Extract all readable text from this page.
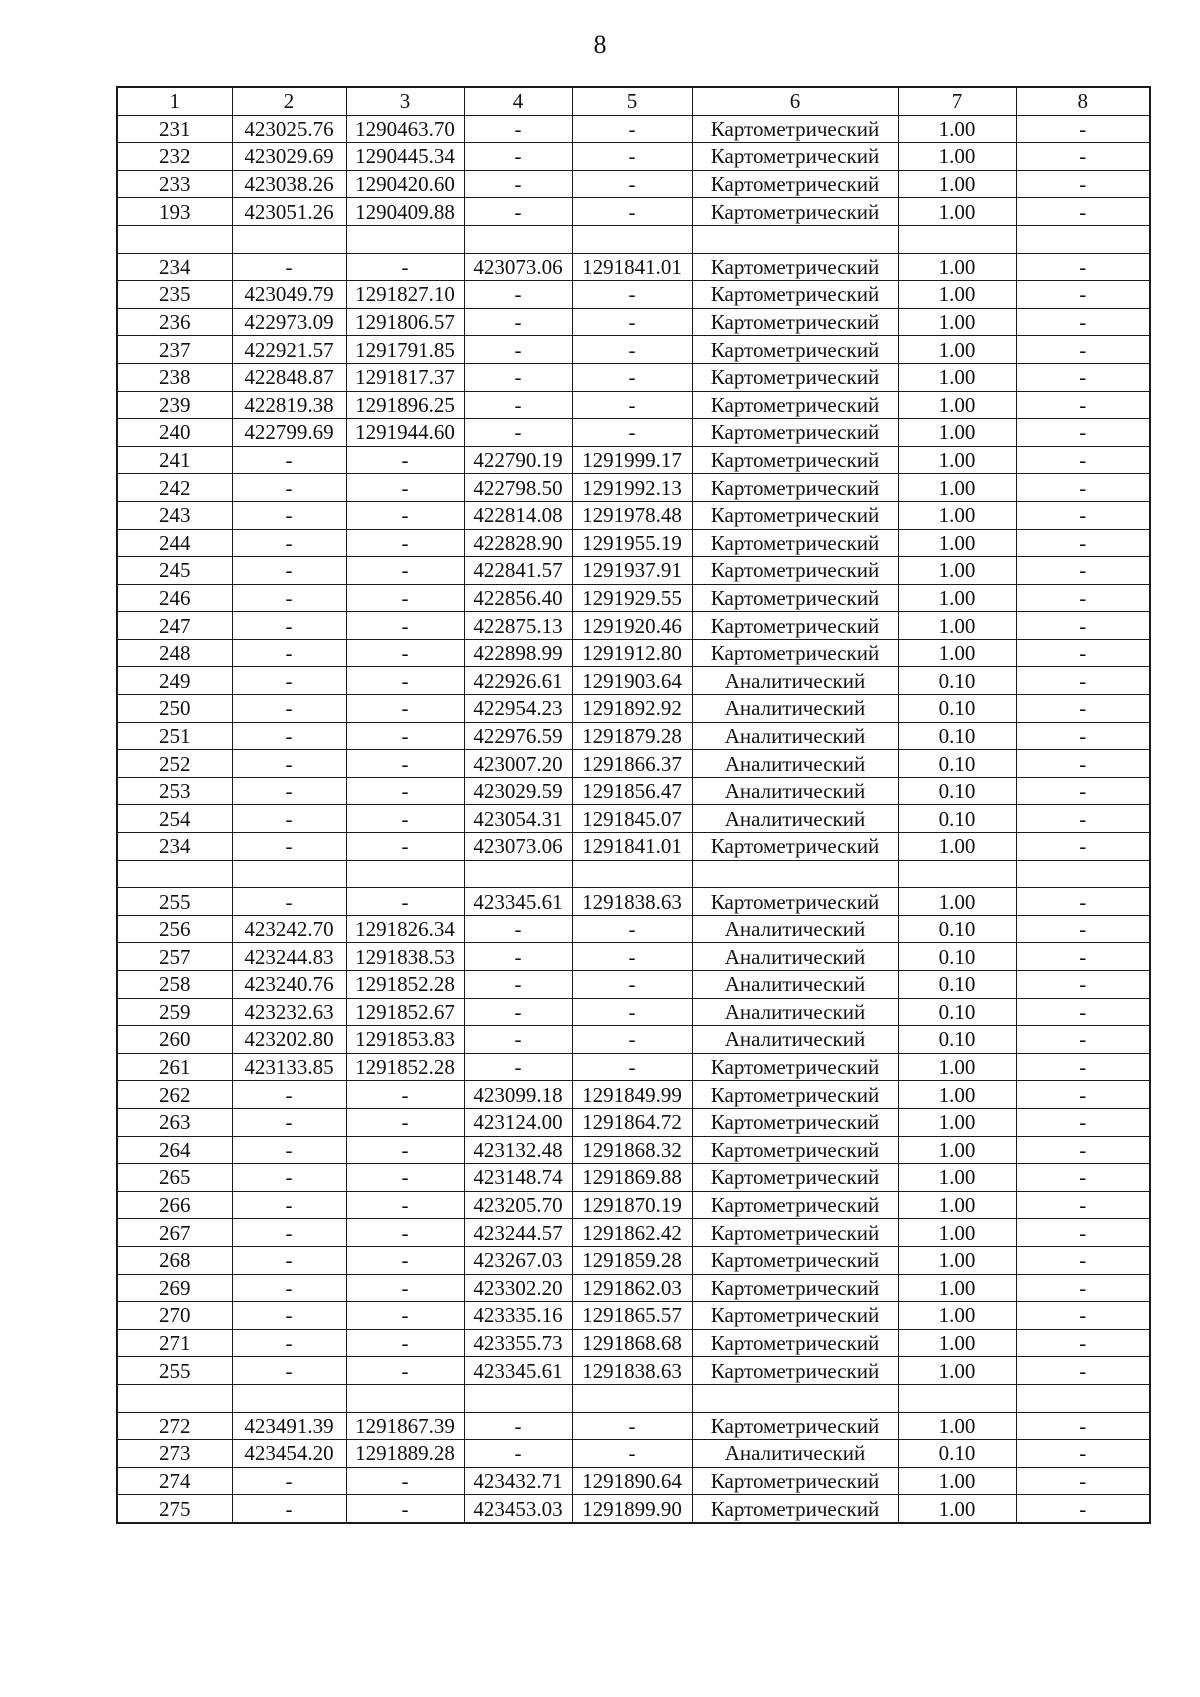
8
1	2	3	4	5	6	7	8
231	423025.76	1290463.70	-	-	Картометрический	1.00	-
232	423029.69	1290445.34	-	-	Картометрический	1.00	-
233	423038.26	1290420.60	-	-	Картометрический	1.00	-
193	423051.26	1290409.88	-	-	Картометрический	1.00	-

234	-	-	423073.06	1291841.01	Картометрический	1.00	-
235	423049.79	1291827.10	-	-	Картометрический	1.00	-
236	422973.09	1291806.57	-	-	Картометрический	1.00	-
237	422921.57	1291791.85	-	-	Картометрический	1.00	-
238	422848.87	1291817.37	-	-	Картометрический	1.00	-
239	422819.38	1291896.25	-	-	Картометрический	1.00	-
240	422799.69	1291944.60	-	-	Картометрический	1.00	-
241	-	-	422790.19	1291999.17	Картометрический	1.00	-
242	-	-	422798.50	1291992.13	Картометрический	1.00	-
243	-	-	422814.08	1291978.48	Картометрический	1.00	-
244	-	-	422828.90	1291955.19	Картометрический	1.00	-
245	-	-	422841.57	1291937.91	Картометрический	1.00	-
246	-	-	422856.40	1291929.55	Картометрический	1.00	-
247	-	-	422875.13	1291920.46	Картометрический	1.00	-
248	-	-	422898.99	1291912.80	Картометрический	1.00	-
249	-	-	422926.61	1291903.64	Аналитический	0.10	-
250	-	-	422954.23	1291892.92	Аналитический	0.10	-
251	-	-	422976.59	1291879.28	Аналитический	0.10	-
252	-	-	423007.20	1291866.37	Аналитический	0.10	-
253	-	-	423029.59	1291856.47	Аналитический	0.10	-
254	-	-	423054.31	1291845.07	Аналитический	0.10	-
234	-	-	423073.06	1291841.01	Картометрический	1.00	-

255	-	-	423345.61	1291838.63	Картометрический	1.00	-
256	423242.70	1291826.34	-	-	Аналитический	0.10	-
257	423244.83	1291838.53	-	-	Аналитический	0.10	-
258	423240.76	1291852.28	-	-	Аналитический	0.10	-
259	423232.63	1291852.67	-	-	Аналитический	0.10	-
260	423202.80	1291853.83	-	-	Аналитический	0.10	-
261	423133.85	1291852.28	-	-	Картометрический	1.00	-
262	-	-	423099.18	1291849.99	Картометрический	1.00	-
263	-	-	423124.00	1291864.72	Картометрический	1.00	-
264	-	-	423132.48	1291868.32	Картометрический	1.00	-
265	-	-	423148.74	1291869.88	Картометрический	1.00	-
266	-	-	423205.70	1291870.19	Картометрический	1.00	-
267	-	-	423244.57	1291862.42	Картометрический	1.00	-
268	-	-	423267.03	1291859.28	Картометрический	1.00	-
269	-	-	423302.20	1291862.03	Картометрический	1.00	-
270	-	-	423335.16	1291865.57	Картометрический	1.00	-
271	-	-	423355.73	1291868.68	Картометрический	1.00	-
255	-	-	423345.61	1291838.63	Картометрический	1.00	-

272	423491.39	1291867.39	-	-	Картометрический	1.00	-
273	423454.20	1291889.28	-	-	Аналитический	0.10	-
274	-	-	423432.71	1291890.64	Картометрический	1.00	-
275	-	-	423453.03	1291899.90	Картометрический	1.00	-
